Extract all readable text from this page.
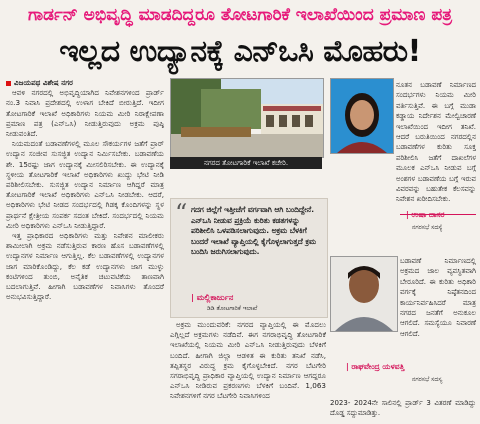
ಗಾರ್ಡನ್ ಅಭಿವೃದ್ಧಿ ಮಾಡದಿದ್ದರೂ ತೋಟಗಾರಿಕೆ ಇಲಾಖೆಯಿಂದ ಪ್ರಮಾಣ ಪತ್ರ
ಇಲ್ಲದ ಉದ್ಯಾನಕ್ಕೆ ಎನ್‌ಒಸಿ ಮೊಹರು!
ವಿಜಯಪಥ ವಿಶೇಷ ನಗರ

ಆವಳಿ ನಗರದಲ್ಲಿ ಅಭಿವೃದ್ಧಿಯಾಗಿದ ನಿವೇಶನಗಳಿಂದ ಪ್ರಾರ್ಡ್‌ ನಂ.3 ನಿವಾಸಿ ಪ್ರದೇಶದಲ್ಲಿ ಉಳಾಗ ಬೇಕಿದೆ ಬೀರುತ್ತಿದೆ. ಇದೀಗ ತೋಟಗಾರಿಕೆ ಇಲಾಖೆ ಅಧಿಕಾರಿಗಳು ನಿಯಮ ಮೀರಿ ನಿರಾಕ್ಷೇಪಣಾ ಪ್ರಮಾಣ ಪತ್ರ (ಎನ್‌ಒಸಿ) ನೀಡುತ್ತಿರುವುದು ಅಕ್ರಮ ಪುಷ್ಠಿ ನೀಡುವಂತಿದೆ.

ನಿಯಮದಂತೆ ಬಡಾವಣೆಗಳಲ್ಲಿ ಮೂಲ ಸೌಕರ್ಯಗಳ ಜತೆಗೆ ಪ್ರಾರ್ ಉದ್ಯಾನ ಸಂಜೀವ ಸುಸಜ್ಜಿತ ಉದ್ಯಾನ ನಿರ್ಮಿಸಬೇಕು. ಬಡಾವಣೆಯ ಶೇ. 15ರಷ್ಟು ಜಾಗ ಉದ್ಯಾನಕ್ಕೆ ಮೀಸಲಿರಿಸಬೇಕು. ಈ ಉದ್ಯಾನಕ್ಕೆ ಸ್ಥಳೀಯ ತೋಟಗಾರಿಕೆ ಇಲಾಖೆ ಅಧಿಕಾರಿಗಳು ಖುದ್ದು ಭೇಟಿ ನೀಡಿ ಪರಿಶೀಲಿಸಬೇಕು. ಸುಸಜ್ಜಿತ ಉದ್ಯಾನ ನಿರ್ಮಾಣ ಆಗಿದ್ದರೆ ಮಾತ್ರ ತೋಟಗಾರಿಕೆ ಇಲಾಖೆ ಅಧಿಕಾರಿಗಳು ಎನ್‌ಒಸಿ ನೀಡಬೇಕು. ಆದರೆ, ಅಧಿಕಾರಿಗಳು ಭೇಟಿ ನೀಡದ ಸಂದರ್ಭದಲ್ಲಿ ಗಿಡಕ್ಕ ಕೊಂದಿಗಳನ್ನು ಸ್ಥಳ ಪ್ರಾರ್ಥನೆ ಕ್ಷೇತ್ರೀಯ ಸಂಪರ್ಕ ಸದಂತ ಬೇಕಿದೆ. ಸಂದರ್ಭದಲ್ಲಿ ನಿಯಮ ಮೀರಿ ಅಧಿಕಾರಿಗಳು ಎನ್‌ಒಸಿ ನೀಡುತ್ತಿದ್ದಾರೆ.

ಇತ್ತ ಪ್ರಾಧಿಕಾರದ ಅಧಿಕಾರಿಗಳು ಮತ್ತು ನಿವೇಶನ ಮಾಲೀಕರು ಶಾಮೀಲಾಗಿ ಅಕ್ರಮ ನಡೆಸುತ್ತಿರುವ ಕಾರಣ ಹೊಸ ಬಡಾವಣೆಗಳಲ್ಲಿ ಉದ್ಯಾನಗಳ ನಿರ್ಮಾಣ ಆಗುತ್ತಿಲ್ಲ. ಕೆಲ ಬಡಾವಣೆಗಳಲ್ಲಿ ಉದ್ಯಾನಗಳ ಜಾಗ ಮಾರಿಕೊಂಡಿದ್ದು, ಕೆಲ ಕಡೆ ಉದ್ಯಾನಗಳು ಜಾಗ ಮುಳ್ಳು ಕಂಟಿಗಳಿಂದ ತುಂಬಿ, ಅನೈತಿಕ ಚಟುವಟಿಕೆಯ ತಾಣವಾಗಿ ಬದಲಾಗುತ್ತಿವೆ. ಹೀಗಾಗಿ ಬಡಾವಣೆಗಳ ನಿವಾಸಿಗಳು ತೊಂದರೆ ಅನುಭವಿಸುತ್ತಿದ್ದಾರೆ.

ನಗರದ ತೋಟಗಾರಿಕೆ ಇಲಾಖೆ ಕಚೇರಿ.

ಅಕ್ರಮ ಮುಂದುವರಿಕೆ: ನಗರದ ವ್ಯಾಪ್ತಿಯಲ್ಲಿ ಈ ಮೊದಲು ಎಗ್ಗಿಲ್ಲದೆ ಅಕ್ರಮಗಳು ನಡೆದಿವೆ. ಈಗ ನಗರಾಭಿವೃದ್ಧಿ ತೋಟಗಾರಿಕೆ ಇಲಾಖೆಯಲ್ಲಿ ನಿಯಮ ಮೀರಿ ಎನ್‌ಒಸಿ ನೀಡುತ್ತಿರುವುದು ಬೆಳಕಿಗೆ ಬಂದಿದೆ. ಹೀಗಾಗಿ ಜಿಲ್ಲಾ ಆಡಳಿತ ಈ ಕುರಿತು ತನಿಖೆ ನಡೆಸಿ, ತಪ್ಪಿತಸ್ಥರ ವಿರುದ್ಧ ಕ್ರಮ ಕೈಗೊಳ್ಳಬೇಕಿದೆ. ನಗರ ಬೆಟಗೇರಿ ಸಗರಾಭಿವೃದ್ಧಿ ಪ್ರಾಧಿಕಾರ ವ್ಯಾಪ್ತಿಯಲ್ಲಿ ಉದ್ಯಾನ ನಿರ್ಮಾಣ ಆಗದ್ದರೂ ಎನ್‌ಒಸಿ ನೀಡಿರುವ ಪ್ರಕರಣಗಳು ಬೆಳಕಿಗೆ ಬಂದಿವೆ. 1,063 ನಿವೇಶನಗಳಿಗೆ ನಗರ ಬೆಟಗೇರಿ ನಿವಾಸಿಗಳಿಂದ

“ ಗದಗ ಜಿಲ್ಲೆಗೆ ಇತ್ತೀಚೆಗೆ ವರ್ಗವಾಗಿ ಆಗಿ ಬಂದಿದ್ದೇನೆ. ಎನ್‌ಒಸಿ ನೀಡುವ ಪ್ರಕ್ರಿಯೆ ಕುರಿತು ಕಡತಗಳನ್ನು ಪರಿಶೀಲಿಸಿ ಒಳಪಡಿಸಲಾಗುವುದು. ಅಕ್ರಮ ಬೆಳಕಿಗೆ ಬಂದರೆ ಇಲಾಖೆ ವ್ಯಾಪ್ತಿಯಲ್ಲಿ ಕೈಗೊಳ್ಳಲಾಗುತ್ತದೆ ಕ್ರಮ ಬಂದಿಸಿ ಜರುಗಿಸಲಾಗುವುದು.
| ಮಲ್ಲಿಕಾರ್ಜುನ
ಡಿಡಿ ತೋಟಗಾರಿಕೆ ಇಲಾಖೆ
ನೂತನ ಬಡಾವಣೆ ನಿರ್ಮಾಣದ ಸಂದರ್ಭಗಳು ನಿಯಮ ಮೀರಿ ವರ್ತಿಸುತ್ತಿವೆ. ಈ ಬಗ್ಗೆ ಮುಡಾ ಕಡ್ಡಾಯ ನಿರ್ದೇಶನ ಮೇಲ್ವಿಚಾರಣೆ ಇಲಾಖೆಯಿಂದ ಇದೀಗ ತನಿಖೆ. ಆದರೆ ಬರುತಿಯಿಂದ ನಗರದಲ್ಲಿನ ಬಡಾವಣೆಗಳ ಕುರಿತು ಸೂಕ್ತ ಪರಿಶೀಲಿಸಿ ಜತೆಗೆ ದಾಖಲೆಗಳ ಮೂಲಕ ಎನ್‌ಒಸಿ ನೀಡುವ ಬಗ್ಗೆ ಅಂಶಗಳ ಬಡಾವಣೆಯ ಬಗ್ಗೆ ಇರುವ ವಿವರವನ್ನು ಬಹುತೇಕ ಕೆಲಸವನ್ನು ನಿವೇಶನ ಖರೀದಿಸಬೇಕು.
| ಉಷಾ ದಾಸರ
ನಗರಸಭೆ ಸದಸ್ಯೆ
ಬಡಾವಣೆ ನಿರ್ಮಾಣದಲ್ಲಿ ಅಕ್ರಮದ ಜಾಲ ವ್ಯವಸ್ಥಿತವಾಗಿ ಬೇರೂರಿದೆ. ಈ ಕುರಿತು ಅಧಿಕಾರಿ ವರ್ಗಕ್ಕೆ ನಿಷ್ಠೆತನದಿಂದ ಕಾರ್ಯನಿರ್ವಹಿಸಿದರೆ ಮಾತ್ರ ನಗರದ ಜನತೆಗೆ ಅನುಕೂಲ ಆಗಲಿದೆ. ಸಮಸ್ಯೆಯೂ ನಿವಾರಣೆ ಆಗಲಿದೆ.
| ರಾಘವೇಂದ್ರ ಯಳವತ್ತಿ
ನಗರಸಭೆ ಸದಸ್ಯ
2023- 2024ನೇ ಸಾಲಿನಲ್ಲಿ ಪ್ರಾರ್ಡ್ 3 ವಿತರಣೆ ಮಾಡಿದ್ದು ದೊಡ್ಡ ಸದ್ದುಮಾಡಿತ್ತು.
